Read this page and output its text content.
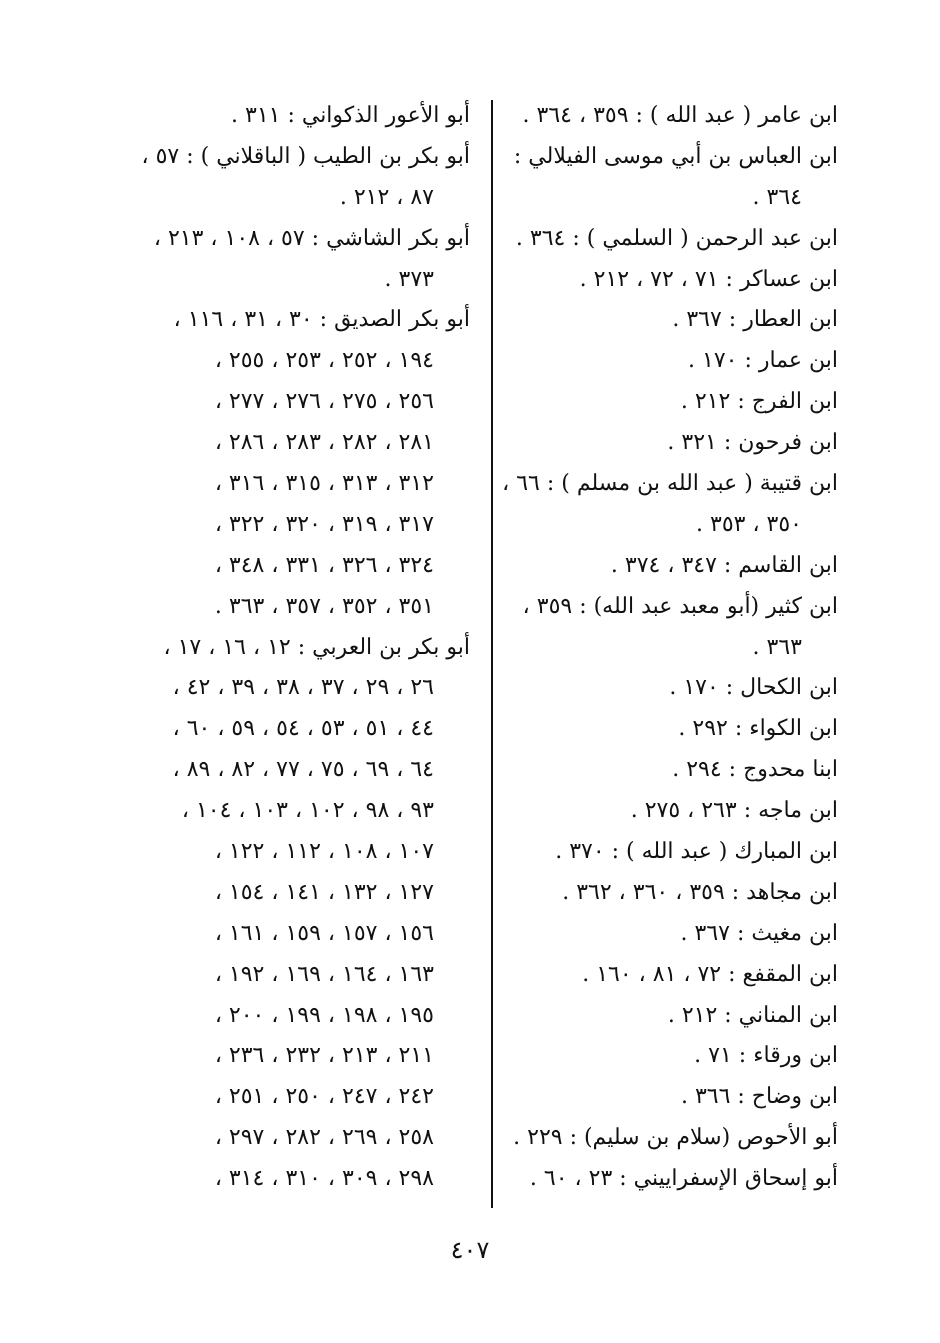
ابن عامر ( عبد الله ) : ٣٥٩ ، ٣٦٤ .
ابن العباس بن أبي موسى الفيلالي :
٣٦٤ .
ابن عبد الرحمن ( السلمي ) : ٣٦٤ .
ابن عساكر : ٧١ ، ٧٢ ، ٢١٢ .
ابن العطار : ٣٦٧ .
ابن عمار : ١٧٠ .
ابن الفرج : ٢١٢ .
ابن فرحون : ٣٢١ .
ابن قتيبة ( عبد الله بن مسلم ) : ٦٦ ،
٣٥٠ ، ٣٥٣ .
ابن القاسم : ٣٤٧ ، ٣٧٤ .
ابن كثير (أبو معبد عبد الله) : ٣٥٩ ،
٣٦٣ .
ابن الكحال : ١٧٠ .
ابن الكواء : ٢٩٢ .
ابنا محدوج : ٢٩٤ .
ابن ماجه : ٢٦٣ ، ٢٧٥ .
ابن المبارك ( عبد الله ) : ٣٧٠ .
ابن مجاهد : ٣٥٩ ، ٣٦٠ ، ٣٦٢ .
ابن مغيث : ٣٦٧ .
ابن المقفع : ٧٢ ، ٨١ ، ١٦٠ .
ابن المناني : ٢١٢ .
ابن ورقاء : ٧١ .
ابن وضاح : ٣٦٦ .
أبو الأحوص (سلام بن سليم) : ٢٢٩ .
أبو إسحاق الإسفراييني : ٢٣ ، ٦٠ .
أبو الأعور الذكواني : ٣١١ .
أبو بكر بن الطيب ( الباقلاني ) : ٥٧ ،
٨٧ ، ٢١٢ .
أبو بكر الشاشي : ٥٧ ، ١٠٨ ، ٢١٣ ،
٣٧٣ .
أبو بكر الصديق : ٣٠ ، ٣١ ، ١١٦ ،
١٩٤ ، ٢٥٢ ، ٢٥٣ ، ٢٥٥ ،
٢٥٦ ، ٢٧٥ ، ٢٧٦ ، ٢٧٧ ،
٢٨١ ، ٢٨٢ ، ٢٨٣ ، ٢٨٦ ،
٣١٢ ، ٣١٣ ، ٣١٥ ، ٣١٦ ،
٣١٧ ، ٣١٩ ، ٣٢٠ ، ٣٢٢ ،
٣٢٤ ، ٣٢٦ ، ٣٣١ ، ٣٤٨ ،
٣٥١ ، ٣٥٢ ، ٣٥٧ ، ٣٦٣ .
أبو بكر بن العربي : ١٢ ، ١٦ ، ١٧ ،
٢٦ ، ٢٩ ، ٣٧ ، ٣٨ ، ٣٩ ، ٤٢ ،
٤٤ ، ٥١ ، ٥٣ ، ٥٤ ، ٥٩ ، ٦٠ ،
٦٤ ، ٦٩ ، ٧٥ ، ٧٧ ، ٨٢ ، ٨٩ ،
٩٣ ، ٩٨ ، ١٠٢ ، ١٠٣ ، ١٠٤ ،
١٠٧ ، ١٠٨ ، ١١٢ ، ١٢٢ ،
١٢٧ ، ١٣٢ ، ١٤١ ، ١٥٤ ،
١٥٦ ، ١٥٧ ، ١٥٩ ، ١٦١ ،
١٦٣ ، ١٦٤ ، ١٦٩ ، ١٩٢ ،
١٩٥ ، ١٩٨ ، ١٩٩ ، ٢٠٠ ،
٢١١ ، ٢١٣ ، ٢٣٢ ، ٢٣٦ ،
٢٤٢ ، ٢٤٧ ، ٢٥٠ ، ٢٥١ ،
٢٥٨ ، ٢٦٩ ، ٢٨٢ ، ٢٩٧ ،
٢٩٨ ، ٣٠٩ ، ٣١٠ ، ٣١٤ ،
٤٠٧
